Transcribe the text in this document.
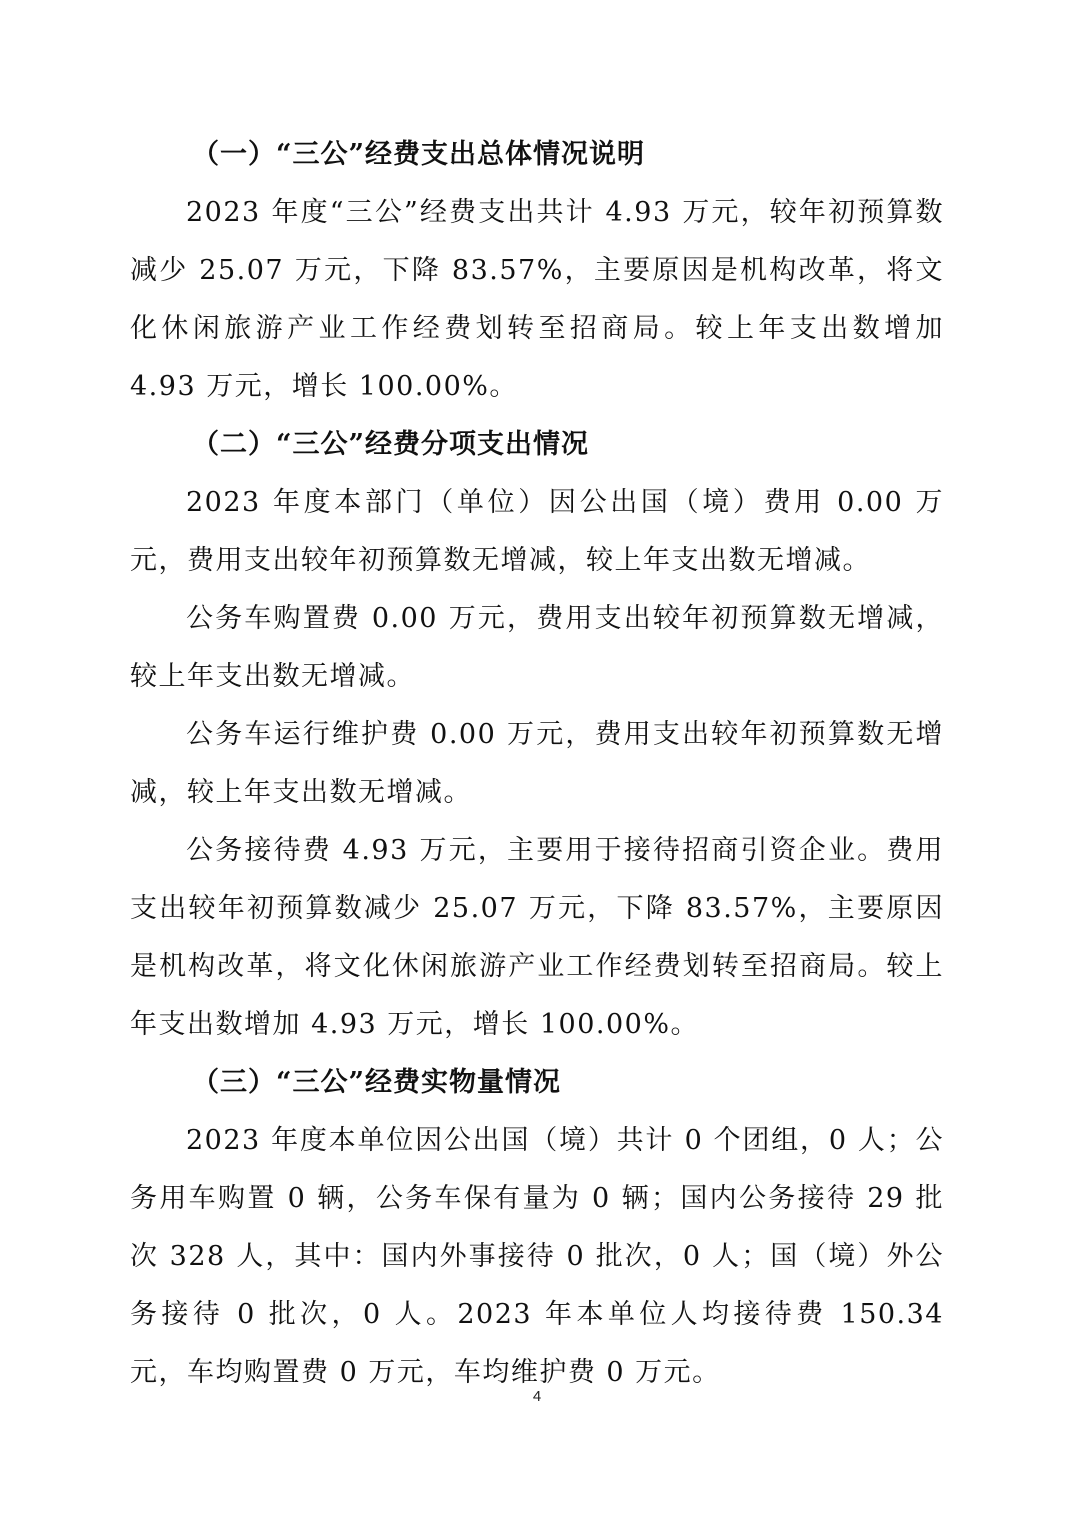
（一）“三公”经费支出总体情况说明

2023 年度“三公”经费支出共计 4.93 万元，较年初预算数减少 25.07 万元，下降 83.57%，主要原因是机构改革，将文化休闲旅游产业工作经费划转至招商局。较上年支出数增加 4.93 万元，增长 100.00%。

（二）“三公”经费分项支出情况

2023 年度本部门（单位）因公出国（境）费用 0.00 万元，费用支出较年初预算数无增减，较上年支出数无增减。

公务车购置费 0.00 万元，费用支出较年初预算数无增减，较上年支出数无增减。

公务车运行维护费 0.00 万元，费用支出较年初预算数无增减，较上年支出数无增减。

公务接待费 4.93 万元，主要用于接待招商引资企业。费用支出较年初预算数减少 25.07 万元，下降 83.57%，主要原因是机构改革，将文化休闲旅游产业工作经费划转至招商局。较上年支出数增加 4.93 万元，增长 100.00%。

（三）“三公”经费实物量情况

2023 年度本单位因公出国（境）共计 0 个团组，0 人；公务用车购置 0 辆，公务车保有量为 0 辆；国内公务接待 29 批次 328 人，其中：国内外事接待 0 批次，0 人；国（境）外公务接待 0 批次，0 人。2023 年本单位人均接待费 150.34 元，车均购置费 0 万元，车均维护费 0 万元。

4
